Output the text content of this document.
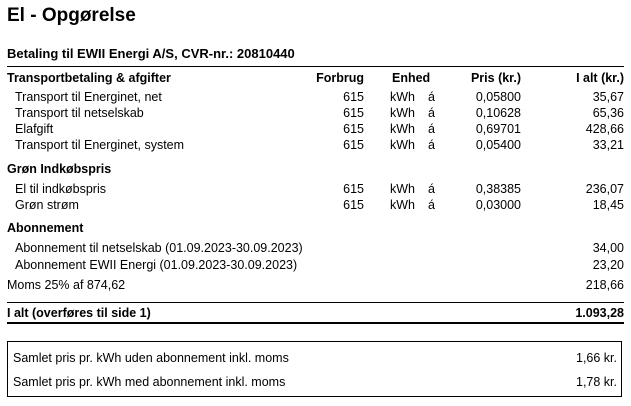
El - Opgørelse
Betaling til EWII Energi A/S, CVR-nr.: 20810440
Transportbetaling & afgifter	Forbrug Enhed	Pris (kr.)	I alt (kr.)
Transport til Energinet, net	615 kWh á	0,05800	35,67
Transport til netselskab	615 kWh á	0,10628	65,36
Elafgift	615 kWh á	0,69701	428,66
Transport til Energinet, system	615 kWh á	0,05400	33,21
Grøn Indkøbspris
El til indkøbspris	615 kWh á	0,38385	236,07
Grøn strøm	615 kWh á	0,03000	18,45
Abonnement
Abonnement til netselskab (01.09.2023-30.09.2023)	34,00
Abonnement EWII Energi (01.09.2023-30.09.2023)	23,20
Moms 25% af 874,62	218,66
I alt (overføres til side 1)	1.093,28
Samlet pris pr. kWh uden abonnement inkl. moms	1,66 kr.
Samlet pris pr. kWh med abonnement inkl. moms	1,78 kr.
